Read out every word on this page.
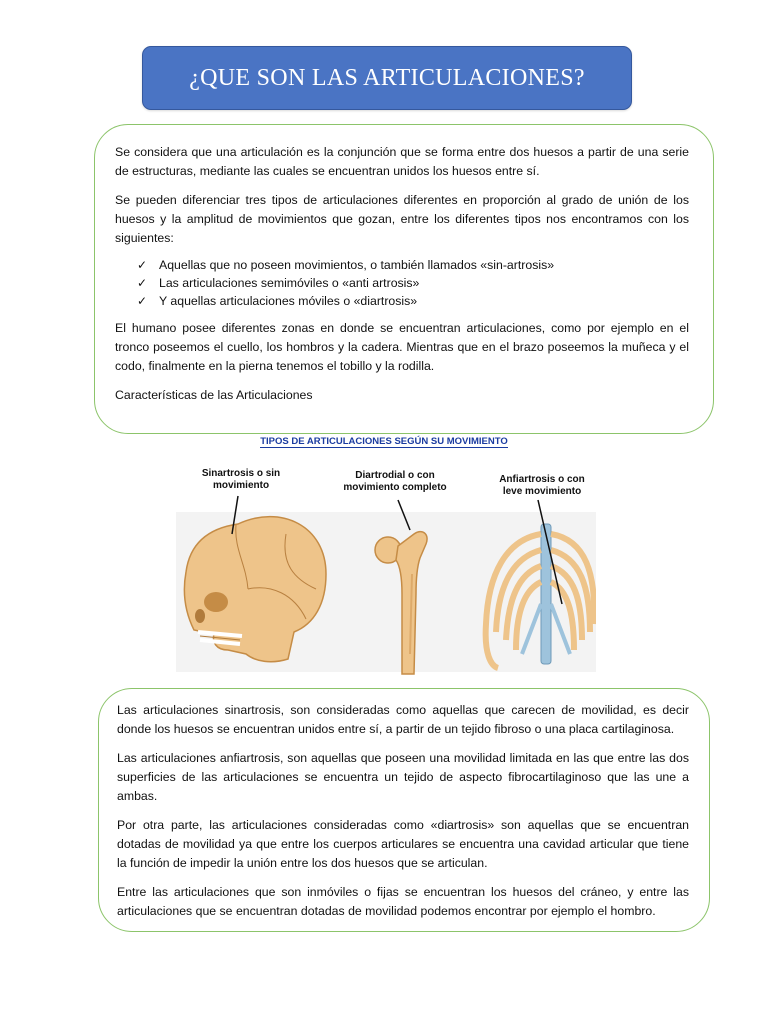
¿QUE SON LAS ARTICULACIONES?

Se considera que una articulación es la conjunción que se forma entre dos huesos a partir de una serie de estructuras, mediante las cuales se encuentran unidos los huesos entre sí.

Se pueden diferenciar tres tipos de articulaciones diferentes en proporción al grado de unión de los huesos y la amplitud de movimientos que gozan, entre los diferentes tipos nos encontramos con los siguientes:

✓ Aquellas que no poseen movimientos, o también llamados «sin-artrosis»
✓ Las articulaciones semimóviles o «anti artrosis»
✓ Y aquellas articulaciones móviles o «diartrosis»

El humano posee diferentes zonas en donde se encuentran articulaciones, como por ejemplo en el tronco poseemos el cuello, los hombros y la cadera. Mientras que en el brazo poseemos la muñeca y el codo, finalmente en la pierna tenemos el tobillo y la rodilla.

Características de las Articulaciones

TIPOS DE ARTICULACIONES SEGÚN SU MOVIMIENTO
Sinartrosis o sin movimiento
Diartrodial o con movimiento completo
Anfiartrosis o con leve movimiento

Las articulaciones sinartrosis, son consideradas como aquellas que carecen de movilidad, es decir donde los huesos se encuentran unidos entre sí, a partir de un tejido fibroso o una placa cartilaginosa.

Las articulaciones anfiartrosis, son aquellas que poseen una movilidad limitada en las que entre las dos superficies de las articulaciones se encuentra un tejido de aspecto fibrocartilaginoso que las une a ambas.

Por otra parte, las articulaciones consideradas como «diartrosis» son aquellas que se encuentran dotadas de movilidad ya que entre los cuerpos articulares se encuentra una cavidad articular que tiene la función de impedir la unión entre los dos huesos que se articulan.

Entre las articulaciones que son inmóviles o fijas se encuentran los huesos del cráneo, y entre las articulaciones que se encuentran dotadas de movilidad podemos encontrar por ejemplo el hombro.
